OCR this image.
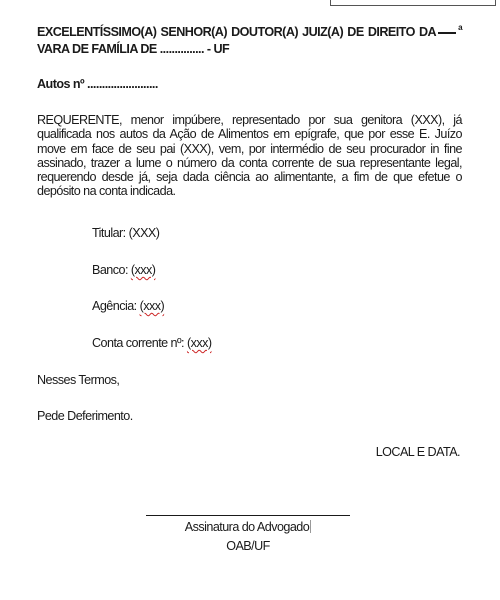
EXCELENTÍSSIMO(A) SENHOR(A) DOUTOR(A) JUIZ(A) DE DIREITO DA	$^a$
VARA DE FAMÍLIA DE ............... - UF
Autos nº ........................
REQUERENTE, menor impúbere, representado por sua genitora (XXX), já qualificada nos autos da Ação de Alimentos em epígrafe, que por esse E. Juízo move em face de seu pai (XXX), vem, por intermédio de seu procurador in fine assinado, trazer a lume o número da conta corrente de sua representante legal, requerendo desde já, seja dada ciência ao alimentante, a fim de que efetue o depósito na conta indicada.
Titular: (XXX)
Banco: (xxx)
Agência: (xxx)
Conta corrente nº: (xxx)
Nesses Termos,
Pede Deferimento.
LOCAL E DATA.
Assinatura do Advogado
OAB/UF
